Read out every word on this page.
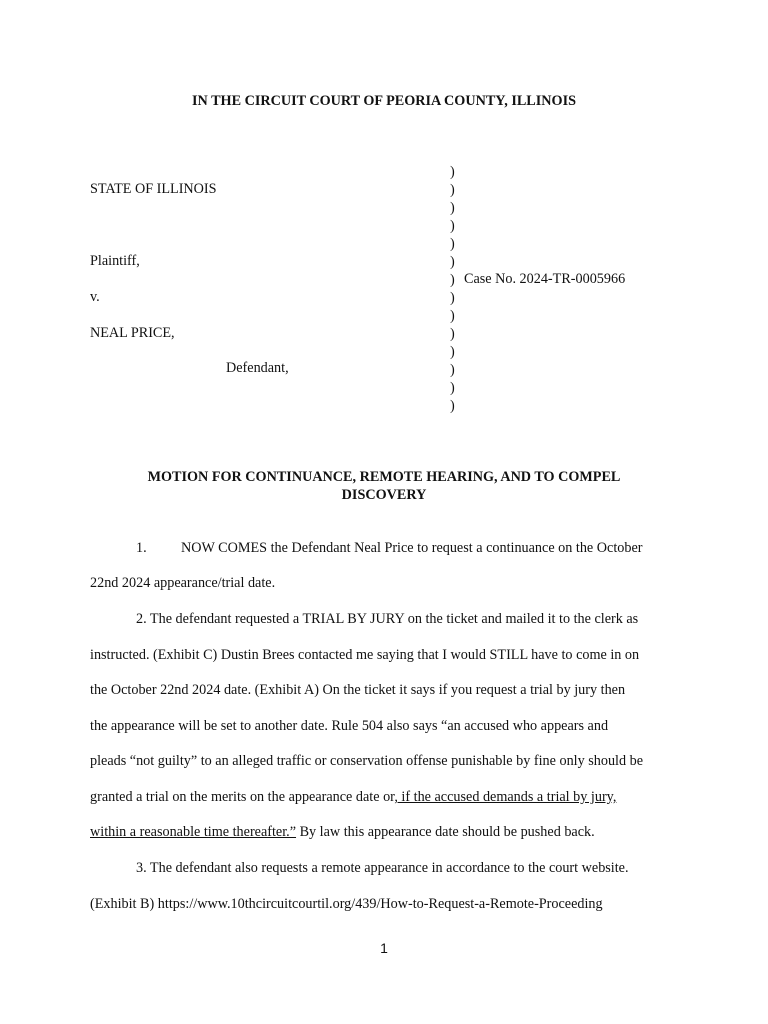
IN THE CIRCUIT COURT OF PEORIA COUNTY, ILLINOIS
STATE OF ILLINOIS
Plaintiff,
v.
NEAL PRICE,
Defendant,
)
)
)
)
)
)
)
)
)
)
)
)
)
)
Case No. 2024-TR-0005966
MOTION FOR CONTINUANCE, REMOTE HEARING, AND TO COMPEL
DISCOVERY
1. NOW COMES the Defendant Neal Price to request a continuance on the October
22nd 2024 appearance/trial date.
2. The defendant requested a TRIAL BY JURY on the ticket and mailed it to the clerk as
instructed. (Exhibit C) Dustin Brees contacted me saying that I would STILL have to come in on
the October 22nd 2024 date. (Exhibit A) On the ticket it says if you request a trial by jury then
the appearance will be set to another date. Rule 504 also says “an accused who appears and
pleads “not guilty” to an alleged traffic or conservation offense punishable by fine only should be
granted a trial on the merits on the appearance date or, if the accused demands a trial by jury,
within a reasonable time thereafter.” By law this appearance date should be pushed back.
3. The defendant also requests a remote appearance in accordance to the court website.
(Exhibit B) https://www.10thcircuitcourtil.org/439/How-to-Request-a-Remote-Proceeding
1
